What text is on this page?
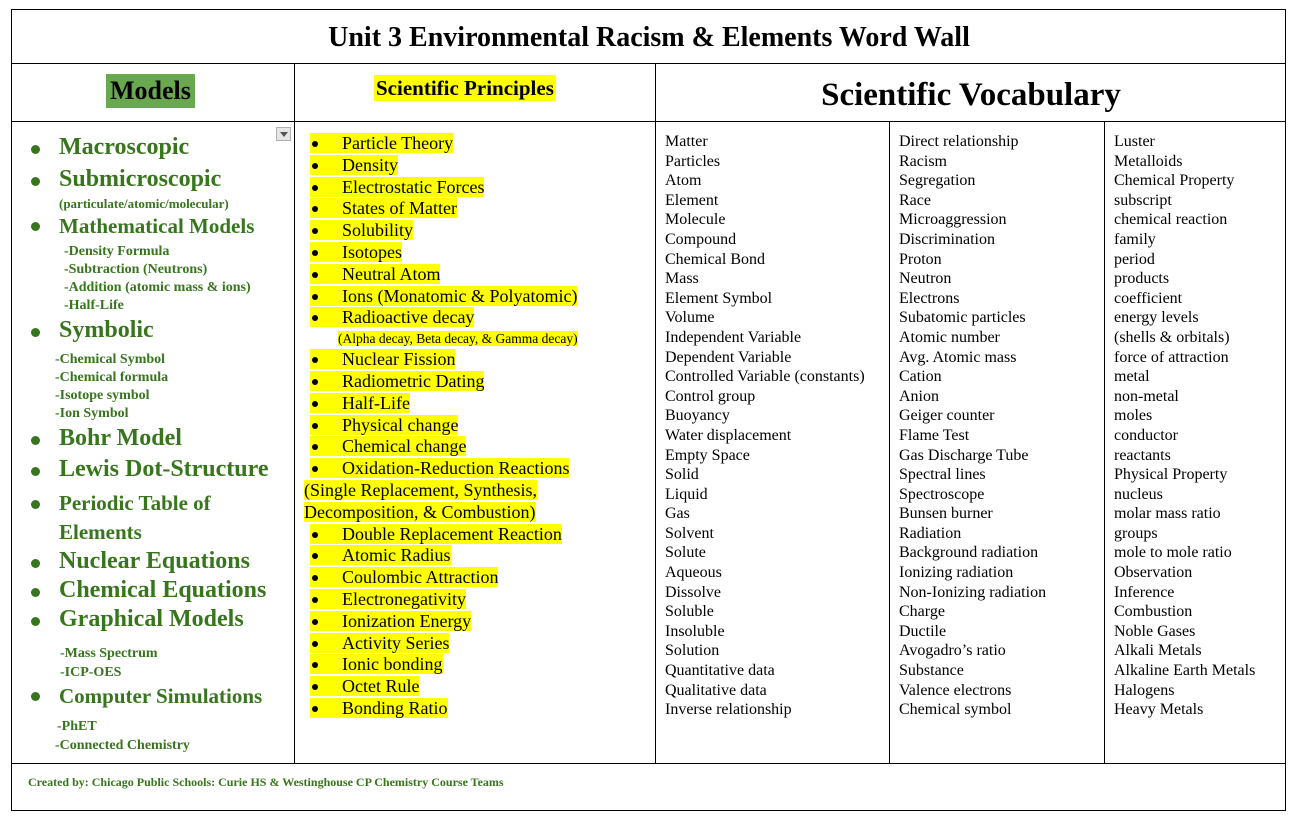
Unit 3 Environmental Racism & Elements Word Wall
Models	Scientific Principles	Scientific Vocabulary
Macroscopic
Submicroscopic
(particulate/atomic/molecular)
Mathematical Models
-Density Formula
-Subtraction (Neutrons)
-Addition (atomic mass & ions)
-Half-Life
Symbolic
-Chemical Symbol
-Chemical formula
-Isotope symbol
-Ion Symbol
Bohr Model
Lewis Dot-Structure
Periodic Table of
Elements
Nuclear Equations
Chemical Equations
Graphical Models
-Mass Spectrum
-ICP-OES
Computer Simulations
-PhET
-Connected Chemistry
Particle Theory
Density
Electrostatic Forces
States of Matter
Solubility
Isotopes
Neutral Atom
Ions (Monatomic & Polyatomic)
Radioactive decay
(Alpha decay, Beta decay, & Gamma decay)
Nuclear Fission
Radiometric Dating
Half-Life
Physical change
Chemical change
Oxidation-Reduction Reactions
(Single Replacement, Synthesis,
Decomposition, & Combustion)
Double Replacement Reaction
Atomic Radius
Coulombic Attraction
Electronegativity
Ionization Energy
Activity Series
Ionic bonding
Octet Rule
Bonding Ratio
Matter
Particles
Atom
Element
Molecule
Compound
Chemical Bond
Mass
Element Symbol
Volume
Independent Variable
Dependent Variable
Controlled Variable (constants)
Control group
Buoyancy
Water displacement
Empty Space
Solid
Liquid
Gas
Solvent
Solute
Aqueous
Dissolve
Soluble
Insoluble
Solution
Quantitative data
Qualitative data
Inverse relationship
Direct relationship
Racism
Segregation
Race
Microaggression
Discrimination
Proton
Neutron
Electrons
Subatomic particles
Atomic number
Avg. Atomic mass
Cation
Anion
Geiger counter
Flame Test
Gas Discharge Tube
Spectral lines
Spectroscope
Bunsen burner
Radiation
Background radiation
Ionizing radiation
Non-Ionizing radiation
Charge
Ductile
Avogadro’s ratio
Substance
Valence electrons
Chemical symbol
Luster
Metalloids
Chemical Property
subscript
chemical reaction
family
period
products
coefficient
energy levels
(shells & orbitals)
force of attraction
metal
non-metal
moles
conductor
reactants
Physical Property
nucleus
molar mass ratio
groups
mole to mole ratio
Observation
Inference
Combustion
Noble Gases
Alkali Metals
Alkaline Earth Metals
Halogens
Heavy Metals
Created by: Chicago Public Schools: Curie HS & Westinghouse CP Chemistry Course Teams
